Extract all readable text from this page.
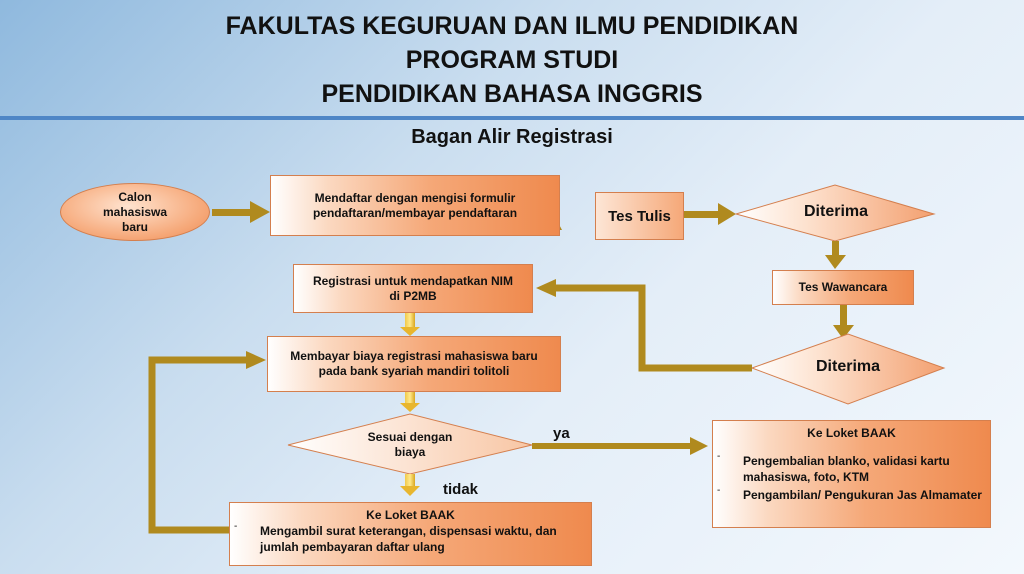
FAKULTAS KEGURUAN DAN ILMU PENDIDIKAN
PROGRAM STUDI
PENDIDIKAN BAHASA INGGRIS
Bagan Alir Registrasi
Calon mahasiswa baru
Mendaftar dengan mengisi formulir pendaftaran/membayar pendaftaran	Tes Tulis	Diterima
Tes Wawancara
Diterima
Registrasi untuk mendapatkan NIM di P2MB
Membayar biaya registrasi mahasiswa baru pada bank syariah mandiri tolitoli
Sesuai dengan biaya
ya
tidak
Ke Loket BAAK
- Mengambil surat keterangan, dispensasi waktu, dan jumlah pembayaran daftar ulang
Ke Loket BAAK
- Pengembalian blanko, validasi kartu mahasiswa, foto, KTM
- Pengambilan/ Pengukuran Jas Almamater
